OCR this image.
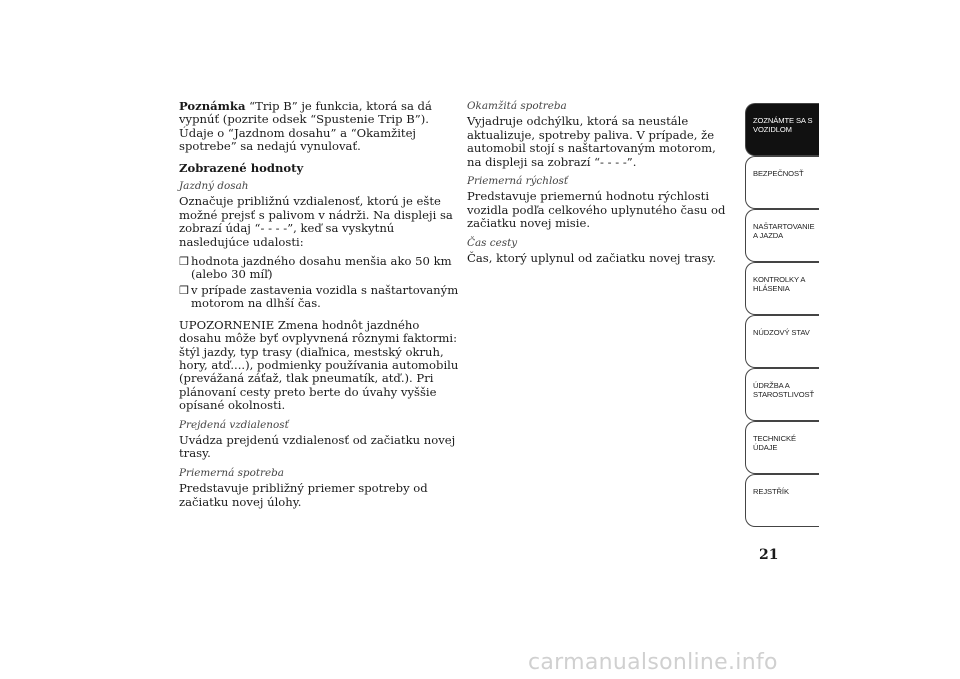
Poznámka “Trip B” je funkcia, ktorá sa dá vypnúť (pozrite odsek “Spustenie Trip B”). Údaje o “Jazdnom dosahu” a “Okamžitej spotrebe” sa nedajú vynulovať.

Zobrazené hodnoty
Jazdný dosah

Označuje približnú vzdialenosť, ktorú je ešte možné prejsť s palivom v nádrži. Na displeji sa zobrazí údaj “- - - -”, keď sa vyskytnú nasledujúce udalosti:

❒ hodnota jazdného dosahu menšia ako 50 km (alebo 30 míľ)
❒ v prípade zastavenia vozidla s naštartovaným motorom na dlhší čas.

UPOZORNENIE Zmena hodnôt jazdného dosahu môže byť ovplyvnená rôznymi faktormi: štýl jazdy, typ trasy (diaľnica, mestský okruh, hory, atď....), podmienky používania automobilu (prevážaná záťaž, tlak pneumatík, atď.). Pri plánovaní cesty preto berte do úvahy vyššie opísané okolnosti.

Prejdená vzdialenosť

Uvádza prejdenú vzdialenosť od začiatku novej trasy.

Priemerná spotreba

Predstavuje približný priemer spotreby od začiatku novej úlohy.

Okamžitá spotreba

Vyjadruje odchýlku, ktorá sa neustále aktualizuje, spotreby paliva. V prípade, že automobil stojí s naštartovaným motorom, na displeji sa zobrazí “- - - -”.

Priemerná rýchlosť

Predstavuje priemernú hodnotu rýchlosti vozidla podľa celkového uplynutého času od začiatku novej misie.

Čas cesty

Čas, ktorý uplynul od začiatku novej trasy.

ZOZNÁMTE SA S VOZIDLOM
BEZPEČNOSŤ
NAŠTARTOVANIE A JAZDA
KONTROLKY A HLÁSENIA
NÚDZOVÝ STAV
ÚDRŽBA A STAROSTLIVOSŤ
TECHNICKÉ ÚDAJE
REJSTŘÍK
21
carmanualsonline.info
